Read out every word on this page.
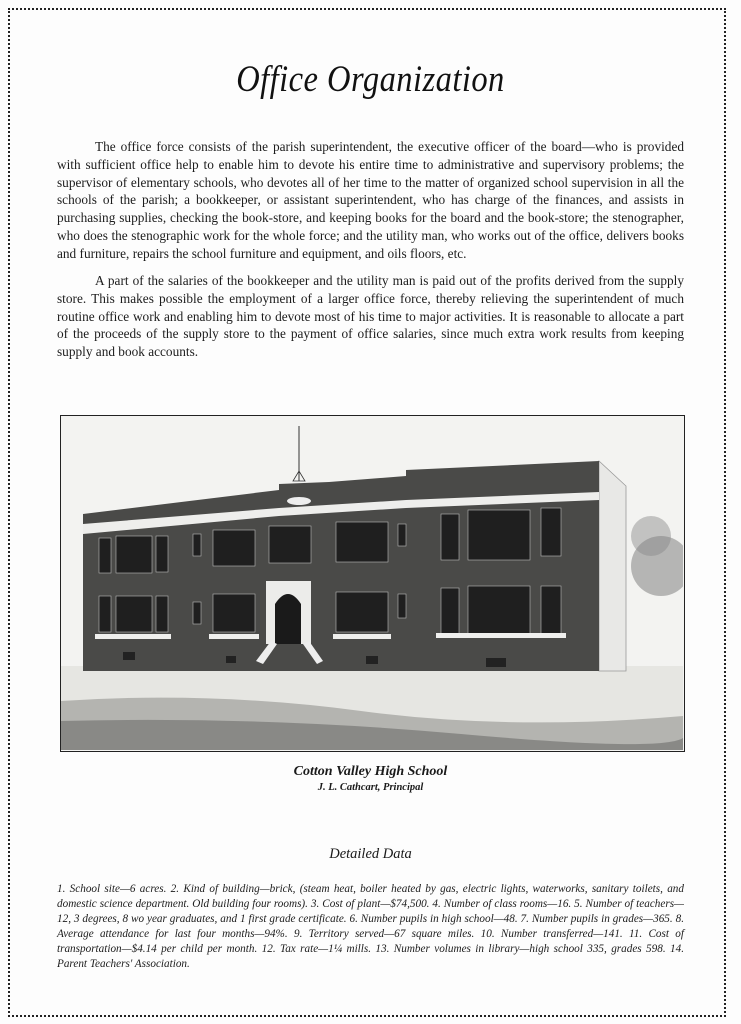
Office Organization

The office force consists of the parish superintendent, the executive officer of the board—who is provided with sufficient office help to enable him to devote his entire time to administrative and supervisory problems; the supervisor of elementary schools, who devotes all of her time to the matter of organized school supervision in all the schools of the parish; a bookkeeper, or assistant superintendent, who has charge of the finances, and assists in purchasing supplies, checking the book-store, and keeping books for the board and the book-store; the stenographer, who does the stenographic work for the whole force; and the utility man, who works out of the office, delivers books and furniture, repairs the school furniture and equipment, and oils floors, etc.

A part of the salaries of the bookkeeper and the utility man is paid out of the profits derived from the supply store. This makes possible the employment of a larger office force, thereby relieving the superintendent of much routine office work and enabling him to devote most of his time to major activities. It is reasonable to allocate a part of the proceeds of the supply store to the payment of office salaries, since much extra work results from keeping supply and book accounts.

Cotton Valley High School
J. L. Cathcart, Principal
Detailed Data
1. School site—6 acres. 2. Kind of building—brick, (steam heat, boiler heated by gas, electric lights, waterworks, sanitary toilets, and domestic science department. Old building four rooms). 3. Cost of plant—$74,500. 4. Number of class rooms—16. 5. Number of teachers—12, 3 degrees, 8 wo year graduates, and 1 first grade certificate. 6. Number pupils in high school—48. 7. Number pupils in grades—365. 8. Average attendance for last four months—94%. 9. Territory served—67 square miles. 10. Number transferred—141. 11. Cost of transportation—$4.14 per child per month. 12. Tax rate—1¼ mills. 13. Number volumes in library—high school 335, grades 598. 14. Parent Teachers' Association.
